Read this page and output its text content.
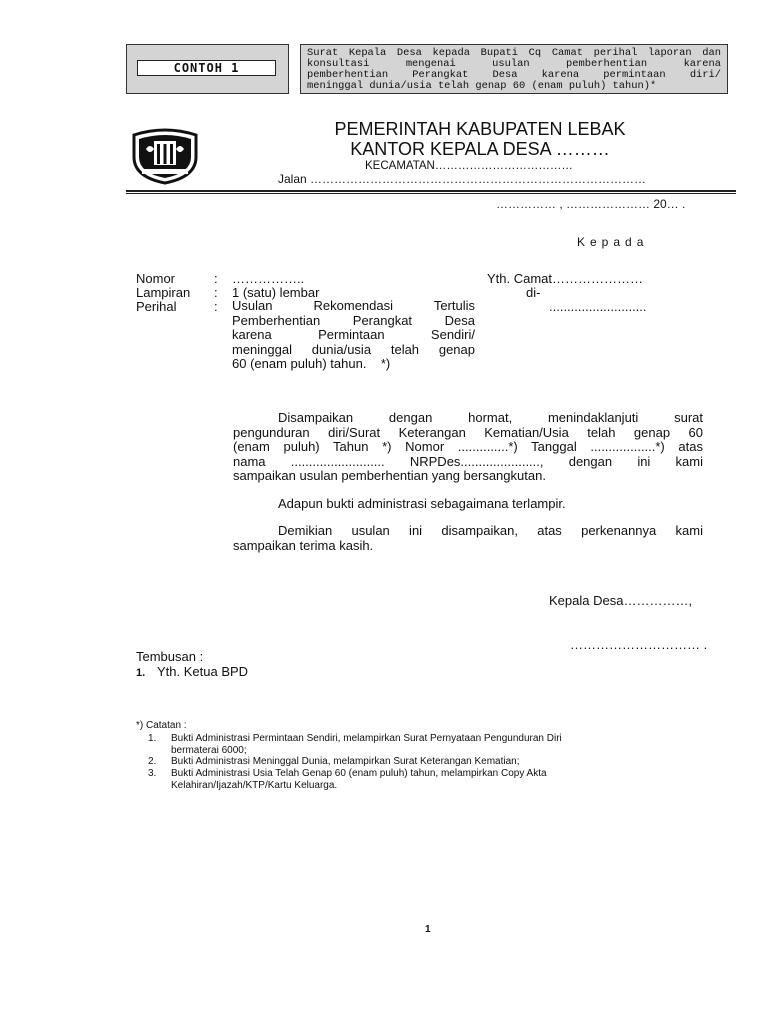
CONTOH 1
Surat Kepala Desa kepada Bupati Cq Camat perihal laporan dan
konsultasi mengenai usulan pemberhentian karena
pemberhentian Perangkat Desa karena permintaan diri/
meninggal dunia/usia telah genap 60 (enam puluh) tahun)*
PEMERINTAH KABUPATEN LEBAK
KANTOR KEPALA DESA ………
KECAMATAN………………………………
Jalan …………………………………………………………………………
…………… , ………………… 20… .
Kepada
Nomor	: ……………..
Lampiran : 1 (satu) lembar
Perihal	: Usulan Rekomendasi Tertulis
Pemberhentian Perangkat Desa
karena Permintaan Sendiri/
meninggal dunia/usia telah genap
60 (enam puluh) tahun.    *)
Yth. Camat…………………
di-
...........................
Disampaikan dengan hormat, menindaklanjuti surat
pengunduran diri/Surat Keterangan Kematian/Usia telah genap 60
(enam puluh) Tahun *) Nomor ..............*) Tanggal ..................*) atas
nama .......................... NRPDes......................, dengan ini kami
sampaikan usulan pemberhentian yang bersangkutan.
Adapun bukti administrasi sebagaimana terlampir.
Demikian usulan ini disampaikan, atas perkenannya kami
sampaikan terima kasih.
Kepala Desa……………,
………………………… .
Tembusan :
1. Yth. Ketua BPD
*) Catatan :
1. Bukti Administrasi Permintaan Sendiri, melampirkan Surat Pernyataan Pengunduran Diri
bermaterai 6000;
2. Bukti Administrasi Meninggal Dunia, melampirkan Surat Keterangan Kematian;
3. Bukti Administrasi Usia Telah Genap 60 (enam puluh) tahun, melampirkan Copy Akta
Kelahiran/Ijazah/KTP/Kartu Keluarga.
1
